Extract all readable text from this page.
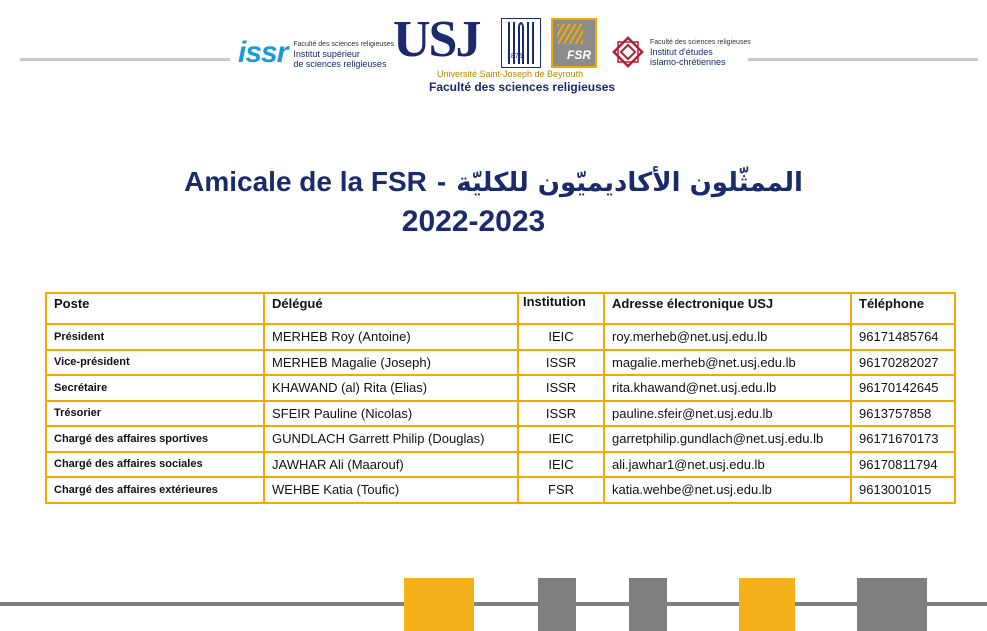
issr Faculté des sciences religieuses
Institut supérieur
de sciences religieuses USJ	1875	FSR
Université Saint-Joseph de Beyrouth
Faculté des sciences religieuses
Faculté des sciences religieuses
Institut d'études
islamo-chrétiennes
Amicale de la FSR - الممثّلون الأكاديميّون للكليّة
2022-2023
Poste	Délégué	Institution	Adresse électronique USJ	Téléphone
Président	MERHEB Roy (Antoine)	IEIC	roy.merheb@net.usj.edu.lb	96171485764
Vice-président	MERHEB Magalie (Joseph)	ISSR	magalie.merheb@net.usj.edu.lb	96170282027
Secrétaire	KHAWAND (al) Rita (Elias)	ISSR	rita.khawand@net.usj.edu.lb	96170142645
Trésorier	SFEIR Pauline (Nicolas)	ISSR	pauline.sfeir@net.usj.edu.lb	9613757858
Chargé des affaires sportives	GUNDLACH Garrett Philip (Douglas)	IEIC	garretphilip.gundlach@net.usj.edu.lb	96171670173
Chargé des affaires sociales	JAWHAR Ali (Maarouf)	IEIC	ali.jawhar1@net.usj.edu.lb	96170811794
Chargé des affaires extérieures	WEHBE Katia (Toufic)	FSR	katia.wehbe@net.usj.edu.lb	9613001015
